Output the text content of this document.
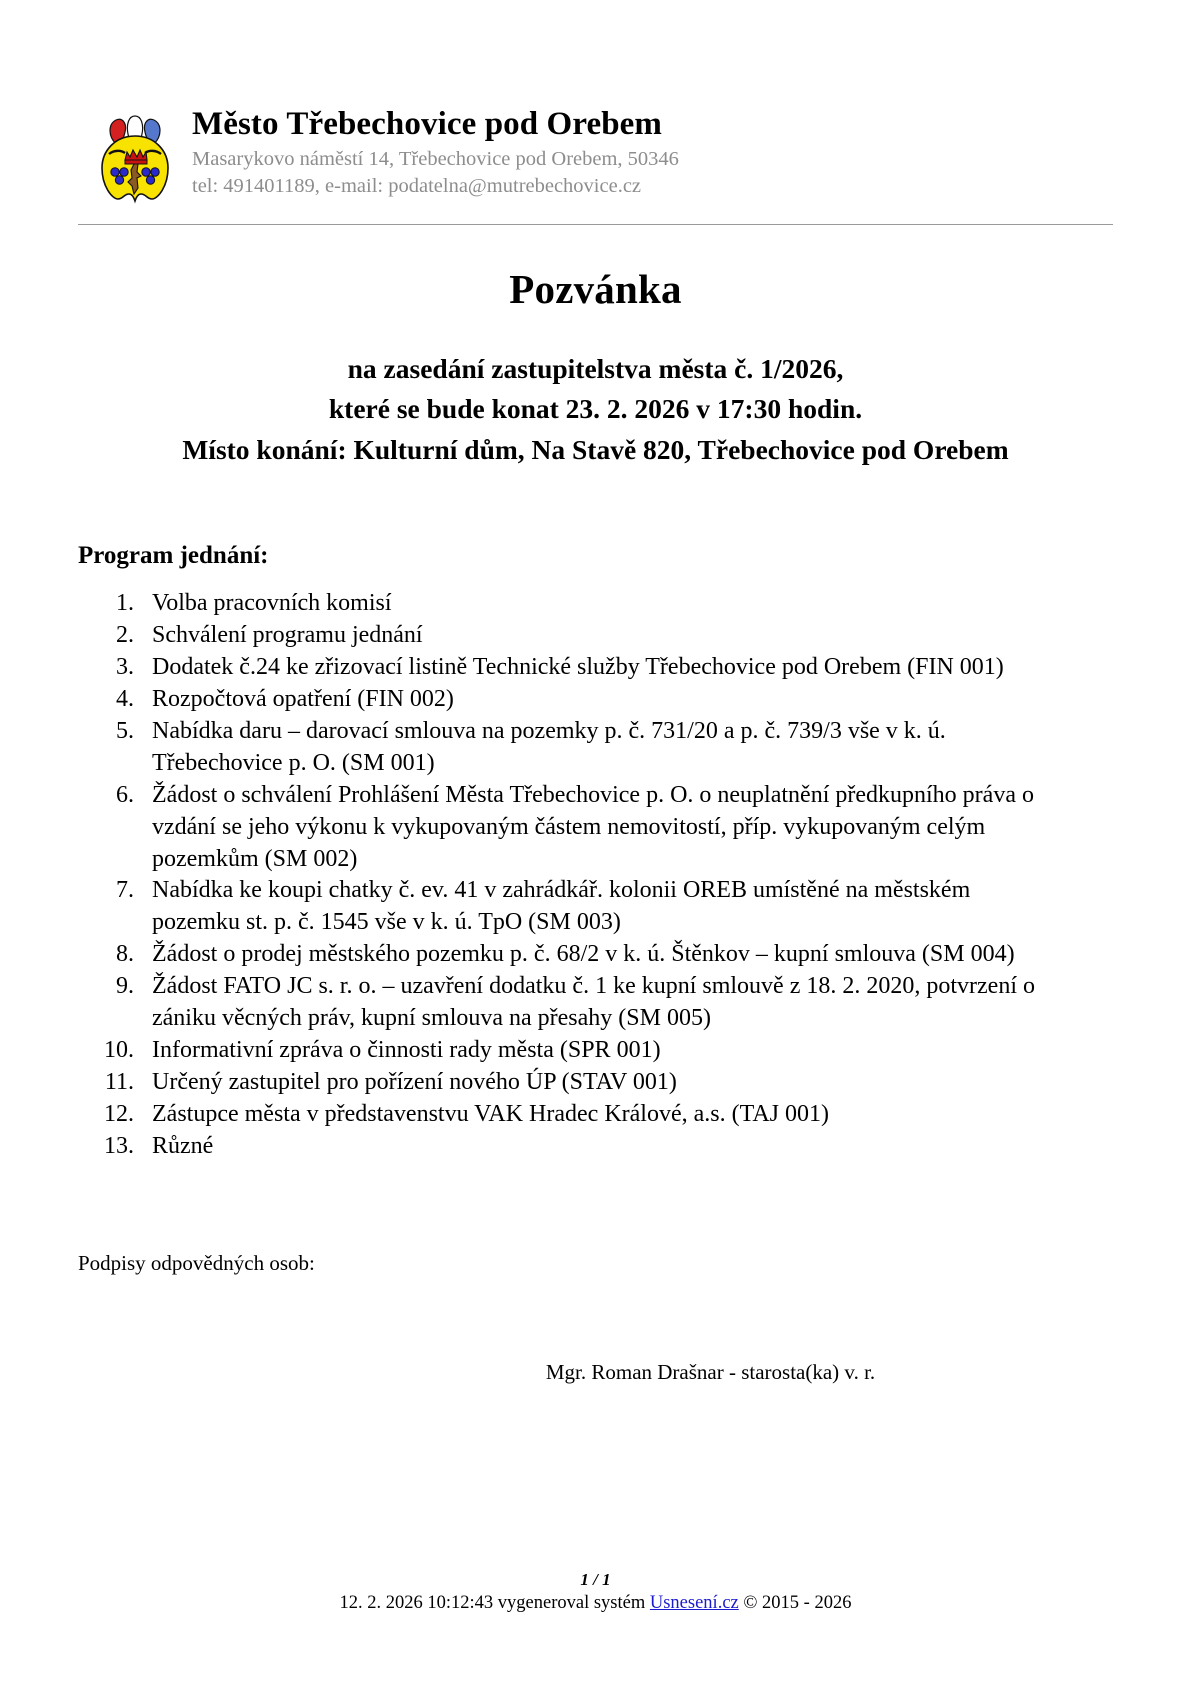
Město Třebechovice pod Orebem
Masarykovo náměstí 14, Třebechovice pod Orebem, 50346
tel: 491401189, e-mail: podatelna@mutrebechovice.cz
Pozvánka
na zasedání zastupitelstva města č. 1/2026,
které se bude konat 23. 2. 2026 v 17:30 hodin.
Místo konání: Kulturní dům, Na Stavě 820, Třebechovice pod Orebem
Program jednání:
1. Volba pracovních komisí
2. Schválení programu jednání
3. Dodatek č.24 ke zřizovací listině Technické služby Třebechovice pod Orebem (FIN 001)
4. Rozpočtová opatření (FIN 002)
5. Nabídka daru – darovací smlouva na pozemky p. č. 731/20 a p. č. 739/3 vše v k. ú. Třebechovice p. O. (SM 001)
6. Žádost o schválení Prohlášení Města Třebechovice p. O. o neuplatnění předkupního práva o vzdání se jeho výkonu k vykupovaným částem nemovitostí, příp. vykupovaným celým pozemkům (SM 002)
7. Nabídka ke koupi chatky č. ev. 41 v zahrádkář. kolonii OREB umístěné na městském pozemku st. p. č. 1545 vše v k. ú. TpO (SM 003)
8. Žádost o prodej městského pozemku p. č. 68/2 v k. ú. Štěnkov – kupní smlouva (SM 004)
9. Žádost FATO JC s. r. o. – uzavření dodatku č. 1 ke kupní smlouvě z 18. 2. 2020, potvrzení o zániku věcných práv, kupní smlouva na přesahy (SM 005)
10. Informativní zpráva o činnosti rady města (SPR 001)
11. Určený zastupitel pro pořízení nového ÚP (STAV 001)
12. Zástupce města v představenstvu VAK Hradec Králové, a.s. (TAJ 001)
13. Různé
Podpisy odpovědných osob:
Mgr. Roman Drašnar - starosta(ka) v. r.
1 / 1
12. 2. 2026 10:12:43 vygeneroval systém Usnesení.cz © 2015 - 2026
